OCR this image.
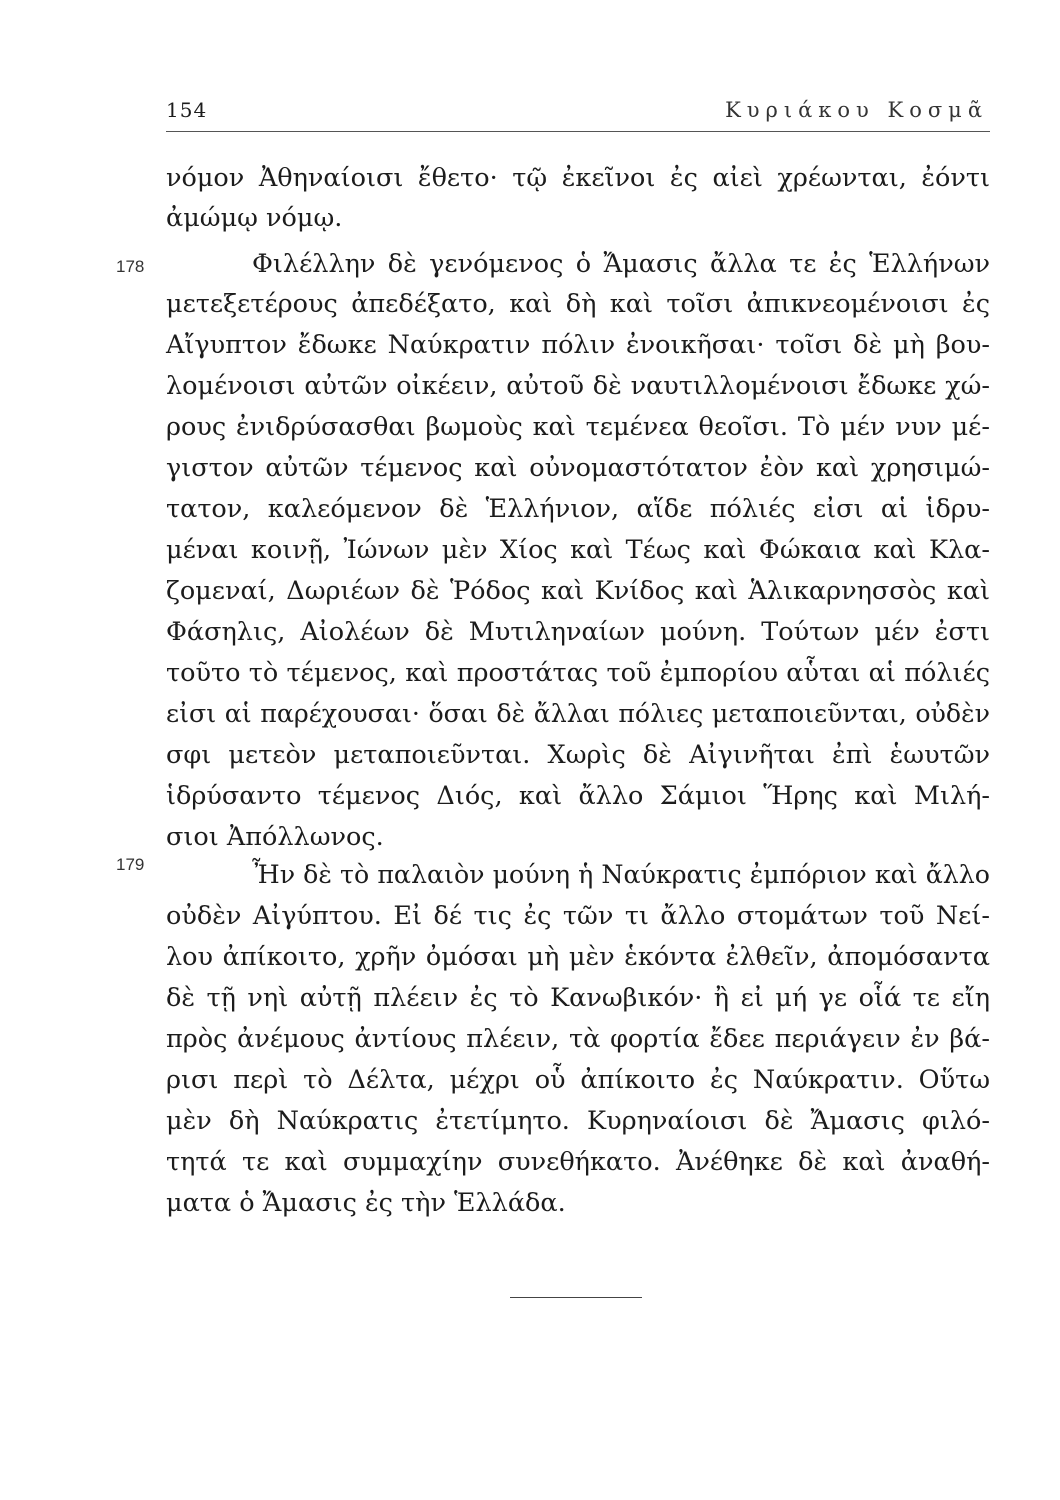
154	Κυριάκου Κοσμᾶ
178
179
νόμον Ἀθηναίοισι ἔθετο· τῷ ἐκεῖνοι ἐς αἰεὶ χρέωνται, ἐόντι
ἀμώμῳ νόμῳ.
Φιλέλλην δὲ γενόμενος ὁ Ἄμασις ἄλλα τε ἐς Ἑλλήνων
μετεξετέρους ἀπεδέξατο, καὶ δὴ καὶ τοῖσι ἀπικνεομένοισι ἐς
Αἴγυπτον ἔδωκε Ναύκρατιν πόλιν ἐνοικῆσαι· τοῖσι δὲ μὴ βου-
λομένοισι αὐτῶν οἰκέειν, αὐτοῦ δὲ ναυτιλλομένοισι ἔδωκε χώ-
ρους ἐνιδρύσασθαι βωμοὺς καὶ τεμένεα θεοῖσι. Τὸ μέν νυν μέ-
γιστον αὐτῶν τέμενος καὶ οὐνομαστότατον ἐὸν καὶ χρησιμώ-
τατον, καλεόμενον δὲ Ἑλλήνιον, αἵδε πόλιές εἰσι αἱ ἱδρυ-
μέναι κοινῇ, Ἰώνων μὲν Χίος καὶ Τέως καὶ Φώκαια καὶ Κλα-
ζομεναί, Δωριέων δὲ Ῥόδος καὶ Κνίδος καὶ Ἁλικαρνησσὸς καὶ
Φάσηλις, Αἰολέων δὲ Μυτιληναίων μούνη. Τούτων μέν ἐστι
τοῦτο τὸ τέμενος, καὶ προστάτας τοῦ ἐμπορίου αὗται αἱ πόλιές
εἰσι αἱ παρέχουσαι· ὅσαι δὲ ἄλλαι πόλιες μεταποιεῦνται, οὐδὲν
σφι μετεὸν μεταποιεῦνται. Χωρὶς δὲ Αἰγινῆται ἐπὶ ἑωυτῶν
ἱδρύσαντο τέμενος Διός, καὶ ἄλλο Σάμιοι Ἥρης καὶ Μιλή-
σιοι Ἀπόλλωνος.
Ἦν δὲ τὸ παλαιὸν μούνη ἡ Ναύκρατις ἐμπόριον καὶ ἄλλο
οὐδὲν Αἰγύπτου. Εἰ δέ τις ἐς τῶν τι ἄλλο στομάτων τοῦ Νεί-
λου ἀπίκοιτο, χρῆν ὀμόσαι μὴ μὲν ἑκόντα ἐλθεῖν, ἀπομόσαντα
δὲ τῇ νηὶ αὐτῇ πλέειν ἐς τὸ Κανωβικόν· ἢ εἰ μή γε οἷά τε εἴη
πρὸς ἀνέμους ἀντίους πλέειν, τὰ φορτία ἔδεε περιάγειν ἐν βά-
ρισι περὶ τὸ Δέλτα, μέχρι οὗ ἀπίκοιτο ἐς Ναύκρατιν. Οὕτω
μὲν δὴ Ναύκρατις ἐτετίμητο. Κυρηναίοισι δὲ Ἄμασις φιλό-
τητά τε καὶ συμμαχίην συνεθήκατο. Ἀνέθηκε δὲ καὶ ἀναθή-
ματα ὁ Ἄμασις ἐς τὴν Ἑλλάδα.
